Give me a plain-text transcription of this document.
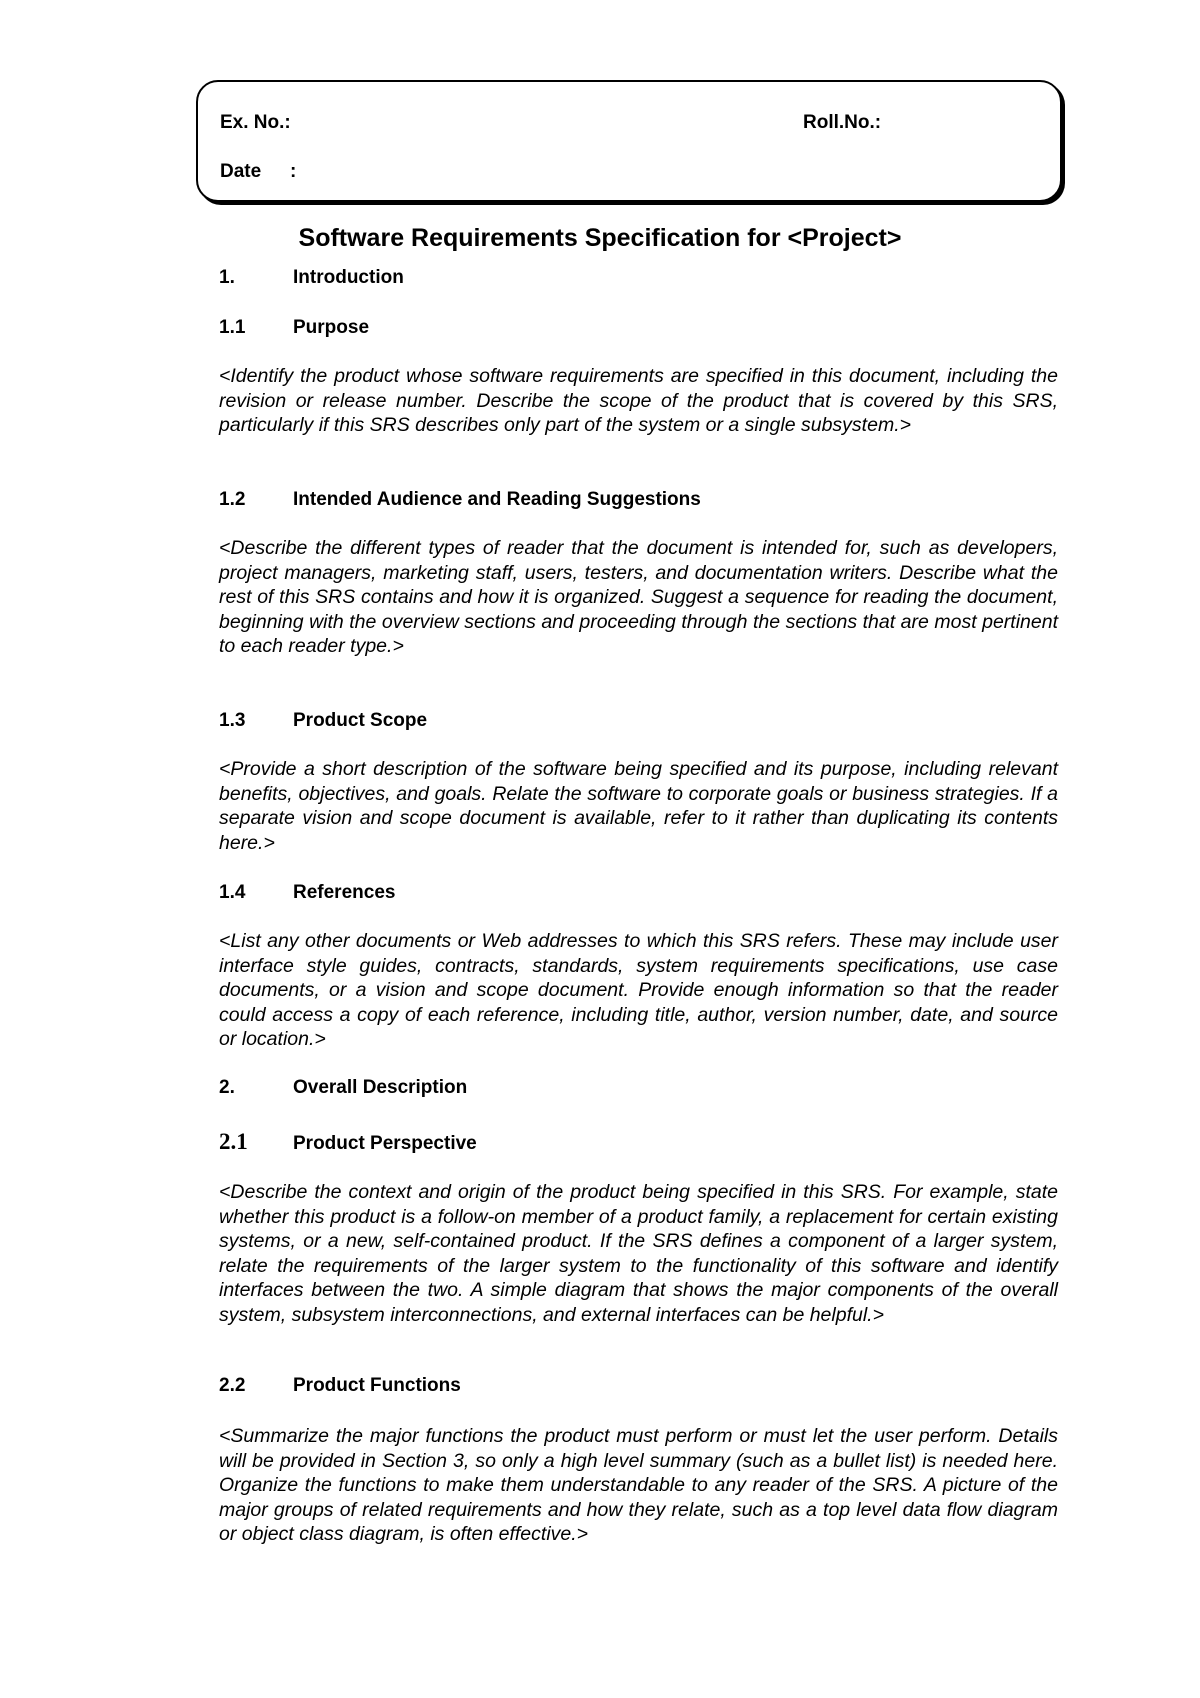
Ex. No.:	Roll.No.:
Date :
Software Requirements Specification for <Project>
1.	Introduction
1.1	Purpose
<Identify the product whose software requirements are specified in this document, including the revision or release number. Describe the scope of the product that is covered by this SRS, particularly if this SRS describes only part of the system or a single subsystem.>
1.2	Intended Audience and Reading Suggestions
<Describe the different types of reader that the document is intended for, such as developers, project managers, marketing staff, users, testers, and documentation writers. Describe what the rest of this SRS contains and how it is organized. Suggest a sequence for reading the document, beginning with the overview sections and proceeding through the sections that are most pertinent to each reader type.>
1.3	Product Scope
<Provide a short description of the software being specified and its purpose, including relevant benefits, objectives, and goals. Relate the software to corporate goals or business strategies. If a separate vision and scope document is available, refer to it rather than duplicating its contents here.>
1.4	References
<List any other documents or Web addresses to which this SRS refers. These may include user interface style guides, contracts, standards, system requirements specifications, use case documents, or a vision and scope document. Provide enough information so that the reader could access a copy of each reference, including title, author, version number, date, and source or location.>
2.	Overall Description
2.1 Product Perspective
<Describe the context and origin of the product being specified in this SRS. For example, state whether this product is a follow-on member of a product family, a replacement for certain existing systems, or a new, self-contained product. If the SRS defines a component of a larger system, relate the requirements of the larger system to the functionality of this software and identify interfaces between the two. A simple diagram that shows the major components of the overall system, subsystem interconnections, and external interfaces can be helpful.>
2.2	Product Functions
<Summarize the major functions the product must perform or must let the user perform. Details will be provided in Section 3, so only a high level summary (such as a bullet list) is needed here. Organize the functions to make them understandable to any reader of the SRS. A picture of the major groups of related requirements and how they relate, such as a top level data flow diagram or object class diagram, is often effective.>
